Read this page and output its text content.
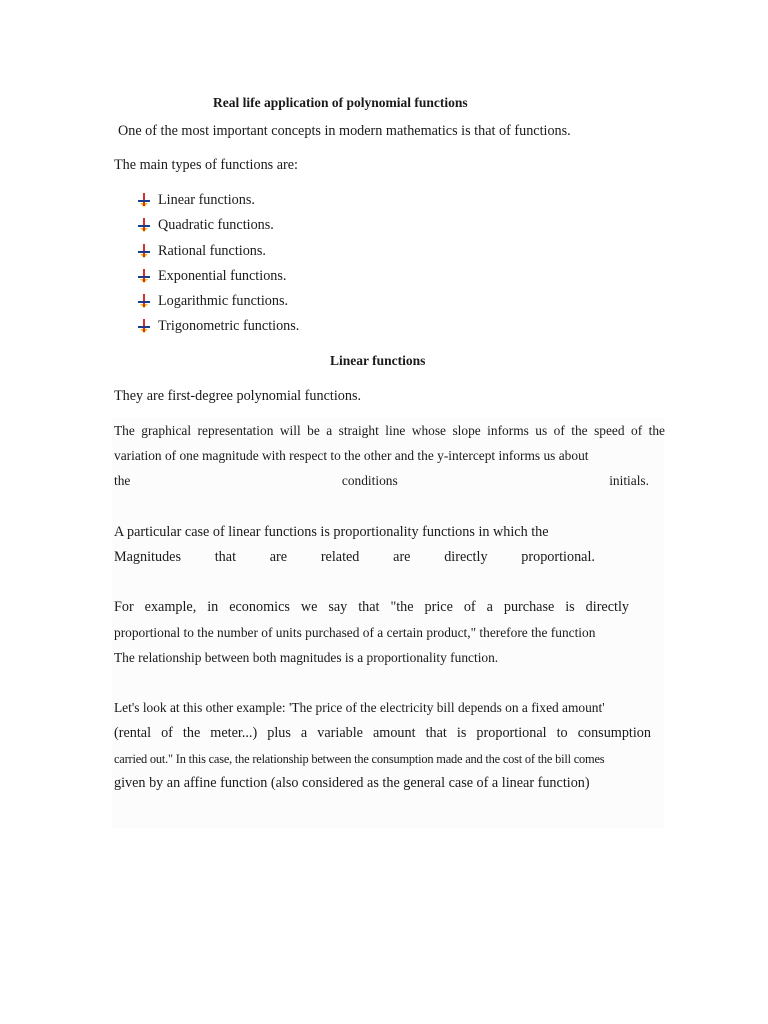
Real life application of polynomial functions
One of the most important concepts in modern mathematics is that of functions.
The main types of functions are:
Linear functions.
Quadratic functions.
Rational functions.
Exponential functions.
Logarithmic functions.
Trigonometric functions.
Linear functions
They are first-degree polynomial functions.
The graphical representation will be a straight line whose slope informs us of the speed of the
variation of one magnitude with respect to the other and the y-intercept informs us about
the	conditions	initials.
A particular case of linear functions is proportionality functions in which the
Magnitudes that are related are directly proportional.
For example, in economics we say that "the price of a purchase is directly
proportional to the number of units purchased of a certain product," therefore the function
The relationship between both magnitudes is a proportionality function.
Let's look at this other example: 'The price of the electricity bill depends on a fixed amount'
(rental of the meter...) plus a variable amount that is proportional to consumption
carried out." In this case, the relationship between the consumption made and the cost of the bill comes
given by an affine function (also considered as the general case of a linear function)
